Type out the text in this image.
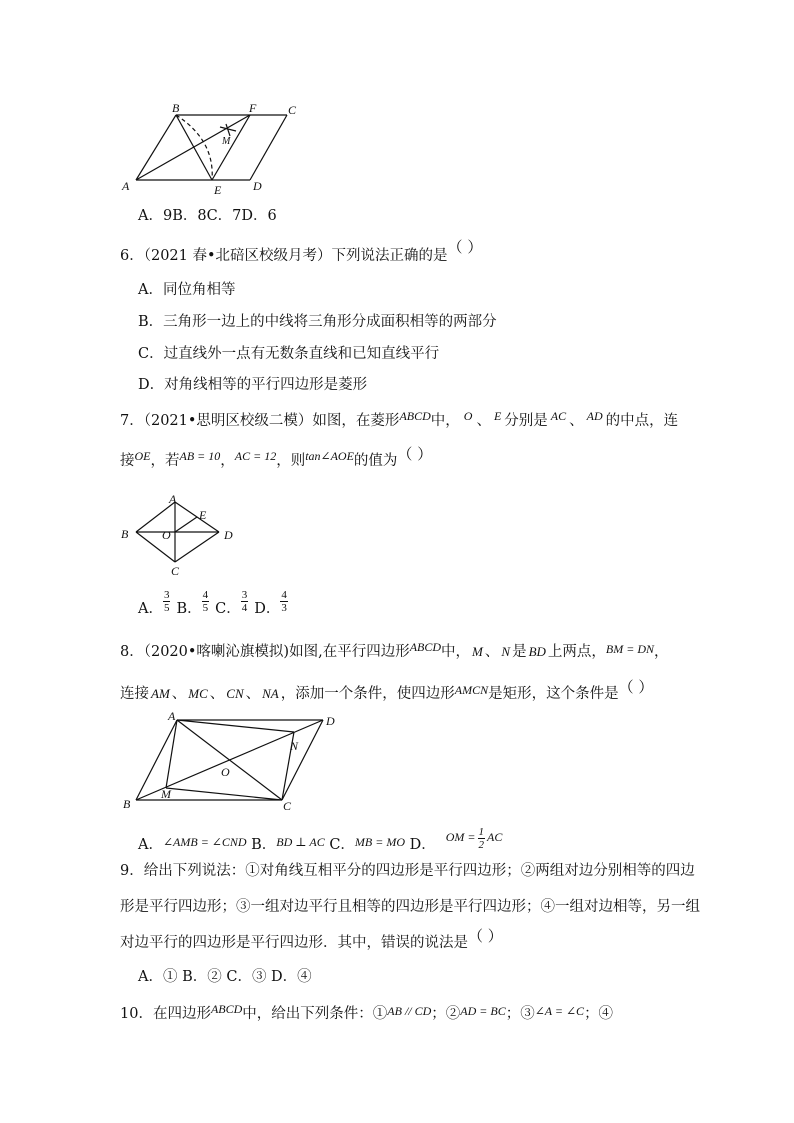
B	F	C
M
A	E	D
A．9B．8C．7D．6
6．（2021 春•北碚区校级月考）下列说法正确的是（ ）
A．同位角相等
B．三角形一边上的中线将三角形分成面积相等的两部分
C．过直线外一点有无数条直线和已知直线平行
D．对角线相等的平行四边形是菱形
7．（2021•思明区校级二模）如图，在菱形$^{ABCD}$中， $^O$ 、 $^E$ 分别是 $^{AC}$ 、 $^{AD}$ 的中点，连
接$^{OE}$，若$^{AB = 10}$，$^{AC = 12}$，则$^{tan\angle AOE}$的值为（ ）
A
E
B	O	D
C
A． $\frac{3}{5}$ B． $\frac{4}{5}$ C． $\frac{3}{4}$ D． $\frac{4}{3}$
8．（2020•喀喇沁旗模拟)如图,在平行四边形$^{ABCD}$中， M 、 N 是 BD 上两点，$^{BM = DN}$，
连接 AM 、 MC 、 CN 、 NA ，添加一个条件，使四边形$^{AMCN}$是矩形，这个条件是（ ）
A	D
N
O
M
B	C
A．$^{\angle AMB = \angle CND}$ B．$^{BD \perp AC}$ C．$^{MB = MO}$ D． $^{OM = \frac{1}{2} AC}$
9．给出下列说法：①对角线互相平分的四边形是平行四边形；②两组对边分别相等的四边
形是平行四边形；③一组对边平行且相等的四边形是平行四边形；④一组对边相等，另一组
对边平行的四边形是平行四边形．其中，错误的说法是（ ）
A．① B．② C．③ D．④
10．在四边形$^{ABCD}$中，给出下列条件：①$^{AB // CD}$；②$^{AD = BC}$；③$^{\angle A = \angle C}$；④
